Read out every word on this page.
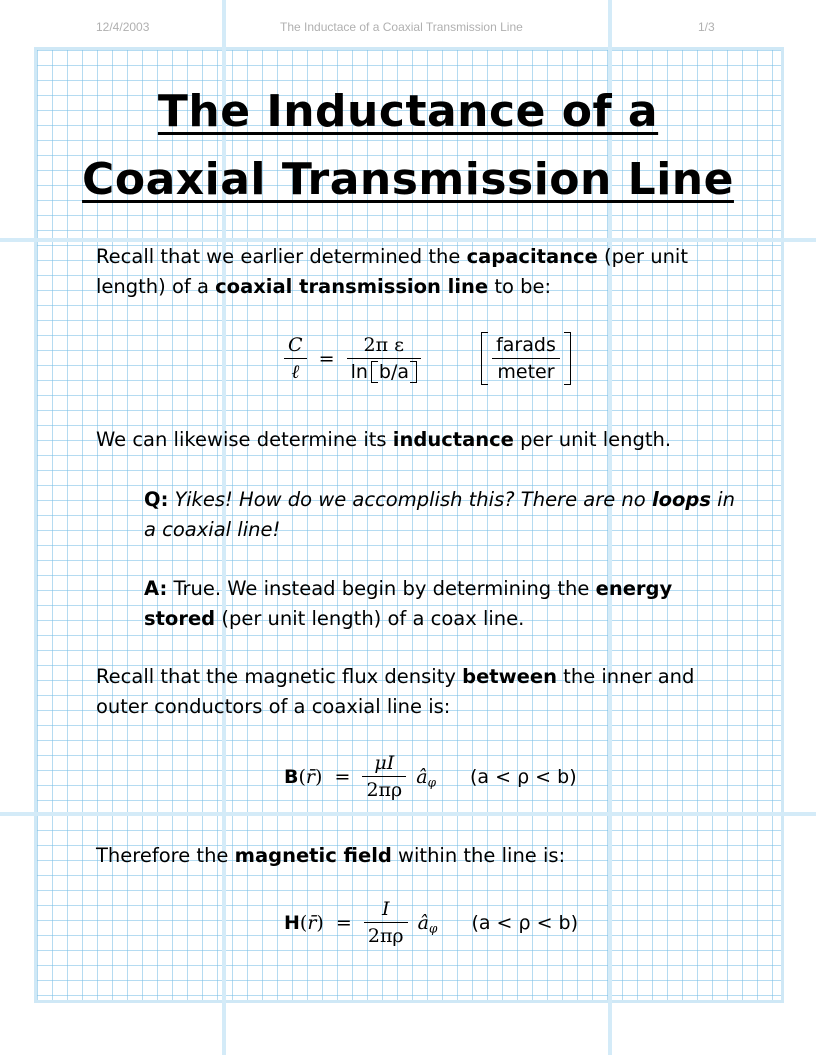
12/4/2003	The Inductace of a Coaxial Transmission Line	1/3
The Inductance of a
Coaxial Transmission Line
Recall that we earlier determined the capacitance (per unit length) of a coaxial transmission line to be:
$\frac{C}{\text{ℓ}} = \frac{\text{2π ε}}{\text{ln b/a}}$
	$\frac{\text{farads}}{\text{meter}}$
We can likewise determine its inductance per unit length.
Q: Yikes! How do we accomplish this? There are no loops in a coaxial line!
A: True. We instead begin by determining the energy stored (per unit length) of a coax line.
Recall that the magnetic flux density between the inner and outer conductors of a coaxial line is:
B(r̄) = $\frac{\mu I}{2\pi\rho}$ $â_\varphi$ (a < ρ < b)
Therefore the magnetic field within the line is:
H(r̄) = $\frac{I}{2\pi\rho}$ $â_\varphi$ (a < ρ < b)
